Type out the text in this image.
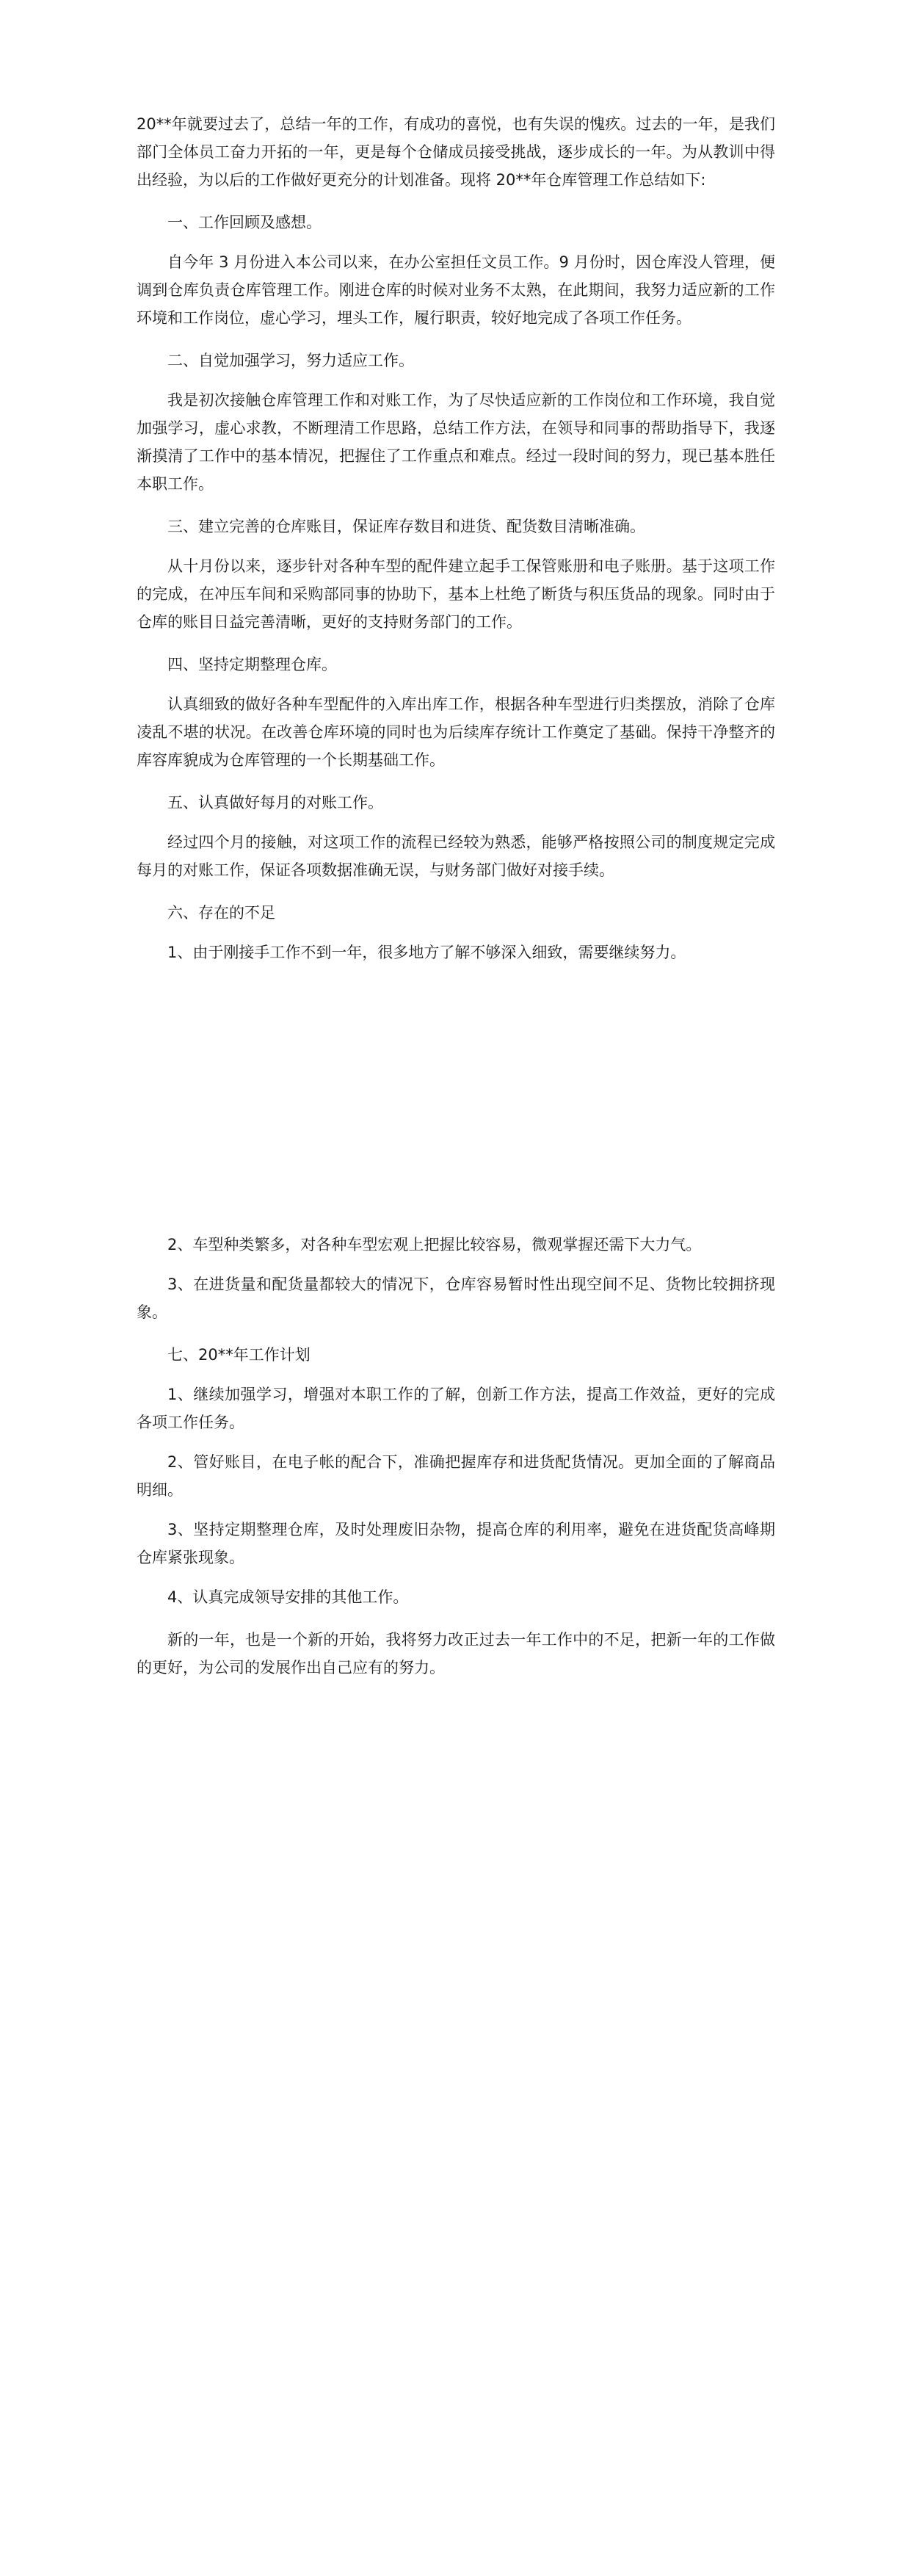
20**年就要过去了，总结一年的工作，有成功的喜悦，也有失误的愧疚。过去的一年，是我们部门全体员工奋力开拓的一年，更是每个仓储成员接受挑战，逐步成长的一年。为从教训中得出经验，为以后的工作做好更充分的计划准备。现将 20**年仓库管理工作总结如下:

一、工作回顾及感想。

自今年 3 月份进入本公司以来，在办公室担任文员工作。9 月份时，因仓库没人管理，便调到仓库负责仓库管理工作。刚进仓库的时候对业务不太熟，在此期间，我努力适应新的工作环境和工作岗位，虚心学习，埋头工作，履行职责，较好地完成了各项工作任务。

二、自觉加强学习，努力适应工作。

我是初次接触仓库管理工作和对账工作，为了尽快适应新的工作岗位和工作环境，我自觉加强学习，虚心求教，不断理清工作思路，总结工作方法，在领导和同事的帮助指导下，我逐渐摸清了工作中的基本情况，把握住了工作重点和难点。经过一段时间的努力，现已基本胜任本职工作。

三、建立完善的仓库账目，保证库存数目和进货、配货数目清晰准确。

从十月份以来，逐步针对各种车型的配件建立起手工保管账册和电子账册。基于这项工作的完成，在冲压车间和采购部同事的协助下，基本上杜绝了断货与积压货品的现象。同时由于仓库的账目日益完善清晰，更好的支持财务部门的工作。

四、坚持定期整理仓库。

认真细致的做好各种车型配件的入库出库工作，根据各种车型进行归类摆放，消除了仓库凌乱不堪的状况。在改善仓库环境的同时也为后续库存统计工作奠定了基础。保持干净整齐的库容库貌成为仓库管理的一个长期基础工作。

五、认真做好每月的对账工作。

经过四个月的接触，对这项工作的流程已经较为熟悉，能够严格按照公司的制度规定完成每月的对账工作，保证各项数据准确无误，与财务部门做好对接手续。

六、存在的不足

1、由于刚接手工作不到一年，很多地方了解不够深入细致，需要继续努力。

2、车型种类繁多，对各种车型宏观上把握比较容易，微观掌握还需下大力气。

3、在进货量和配货量都较大的情况下，仓库容易暂时性出现空间不足、货物比较拥挤现象。

七、20**年工作计划

1、继续加强学习，增强对本职工作的了解，创新工作方法，提高工作效益，更好的完成各项工作任务。

2、管好账目，在电子帐的配合下，准确把握库存和进货配货情况。更加全面的了解商品明细。

3、坚持定期整理仓库，及时处理废旧杂物，提高仓库的利用率，避免在进货配货高峰期仓库紧张现象。

4、认真完成领导安排的其他工作。

新的一年，也是一个新的开始，我将努力改正过去一年工作中的不足，把新一年的工作做的更好，为公司的发展作出自己应有的努力。
